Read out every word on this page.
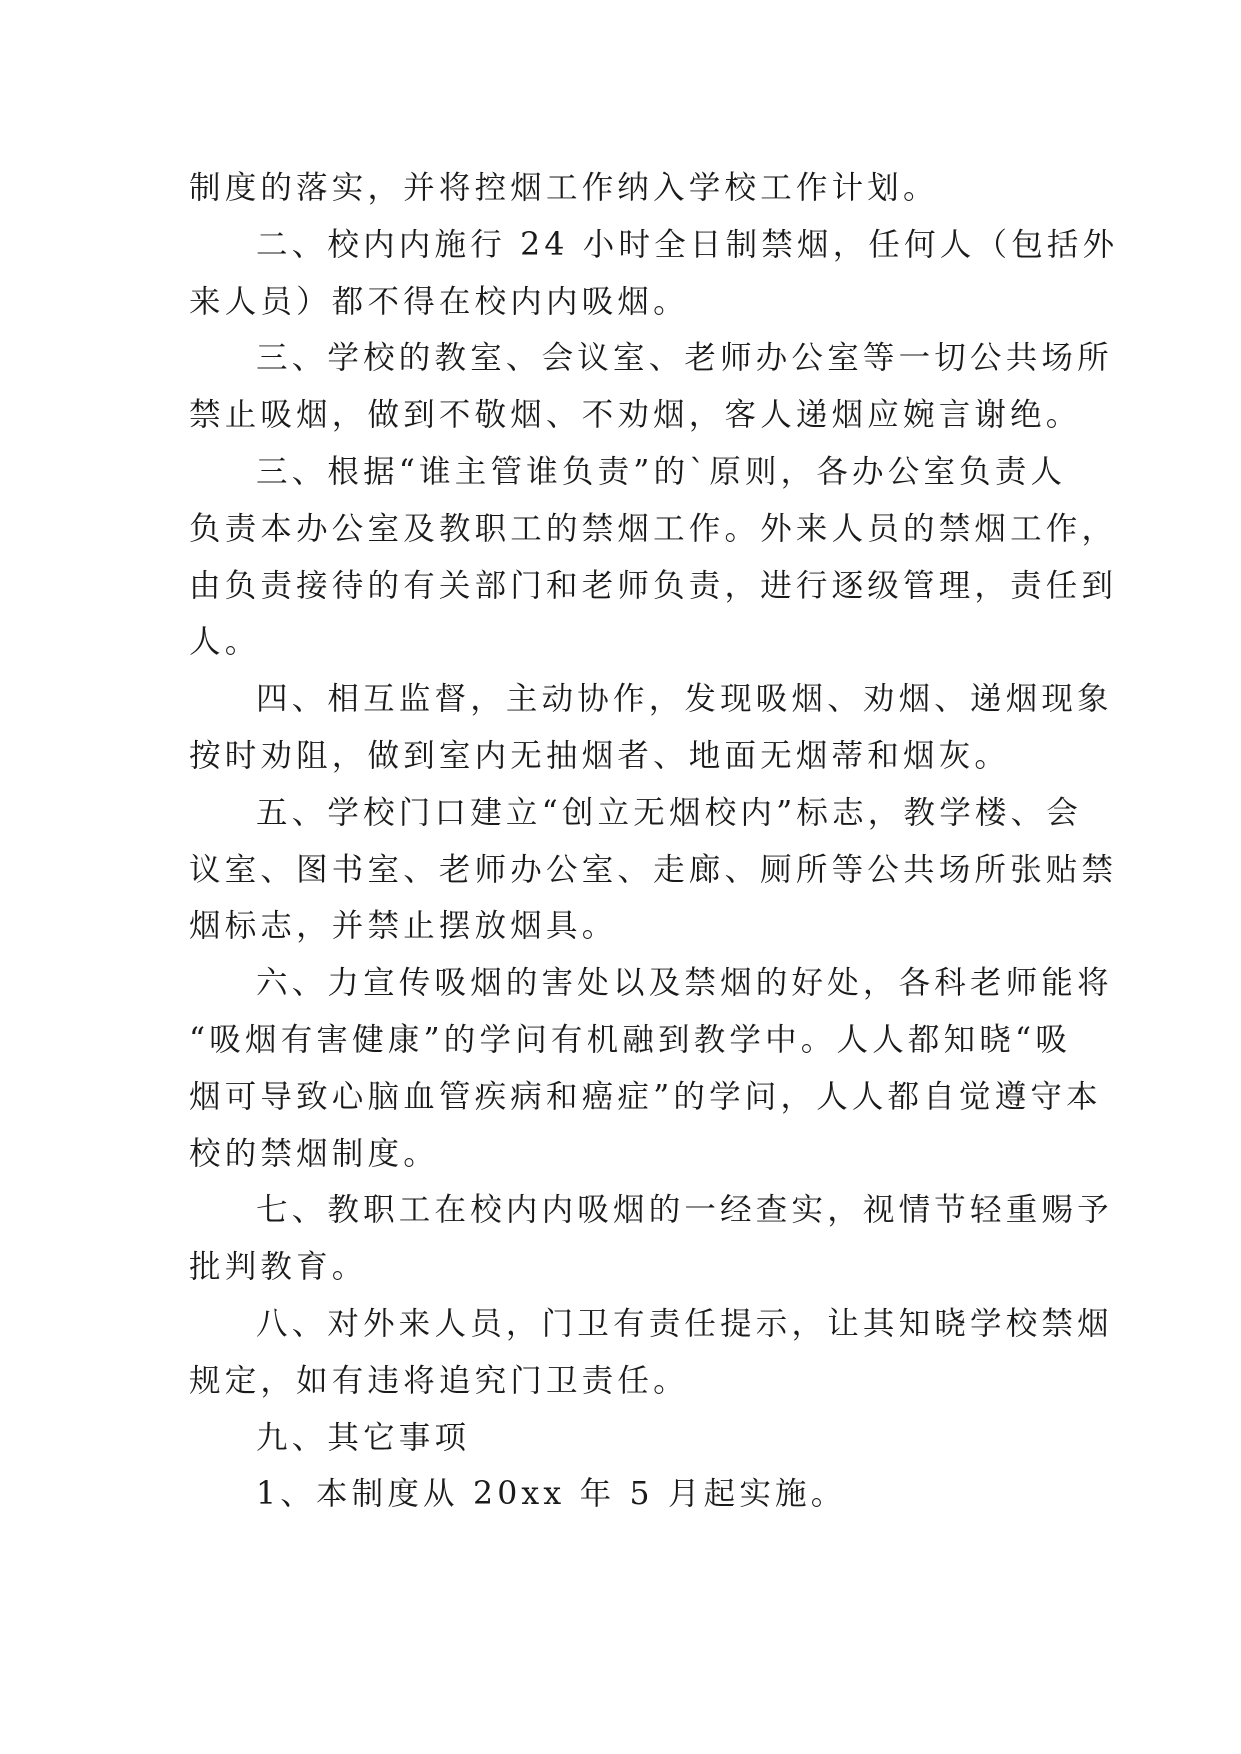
制度的落实，并将控烟工作纳入学校工作计划。
二、校内内施行 24 小时全日制禁烟，任何人（包括外
来人员）都不得在校内内吸烟。
三、学校的教室、会议室、老师办公室等一切公共场所
禁止吸烟，做到不敬烟、不劝烟，客人递烟应婉言谢绝。
三、根据“谁主管谁负责”的`原则，各办公室负责人
负责本办公室及教职工的禁烟工作。外来人员的禁烟工作，
由负责接待的有关部门和老师负责，进行逐级管理，责任到
人。
四、相互监督，主动协作，发现吸烟、劝烟、递烟现象
按时劝阻，做到室内无抽烟者、地面无烟蒂和烟灰。
五、学校门口建立“创立无烟校内”标志，教学楼、会
议室、图书室、老师办公室、走廊、厕所等公共场所张贴禁
烟标志，并禁止摆放烟具。
六、力宣传吸烟的害处以及禁烟的好处，各科老师能将
“吸烟有害健康”的学问有机融到教学中。人人都知晓“吸
烟可导致心脑血管疾病和癌症”的学问，人人都自觉遵守本
校的禁烟制度。
七、教职工在校内内吸烟的一经查实，视情节轻重赐予
批判教育。
八、对外来人员，门卫有责任提示，让其知晓学校禁烟
规定，如有违将追究门卫责任。
九、其它事项
1、本制度从 20xx 年 5 月起实施。
